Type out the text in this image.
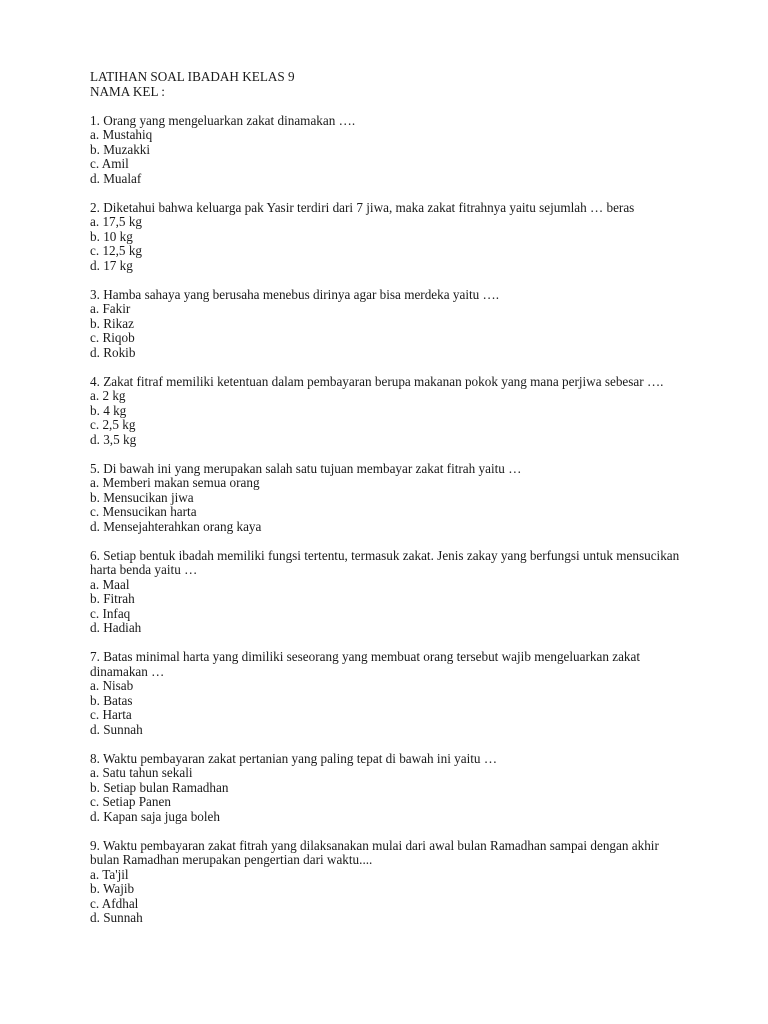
LATIHAN SOAL IBADAH KELAS 9
NAMA KEL :
1. Orang yang mengeluarkan zakat dinamakan ….
a. Mustahiq
b. Muzakki
c. Amil
d. Mualaf
2. Diketahui bahwa keluarga pak Yasir terdiri dari 7 jiwa, maka zakat fitrahnya yaitu sejumlah … beras
a. 17,5 kg
b. 10 kg
c. 12,5 kg
d. 17 kg
3. Hamba sahaya yang berusaha menebus dirinya agar bisa merdeka yaitu ….
a. Fakir
b. Rikaz
c. Riqob
d. Rokib
4. Zakat fitraf memiliki ketentuan dalam pembayaran berupa makanan pokok yang mana perjiwa sebesar ….
a. 2 kg
b. 4 kg
c. 2,5 kg
d. 3,5 kg
5. Di bawah ini yang merupakan salah satu tujuan membayar zakat fitrah yaitu …
a. Memberi makan semua orang
b. Mensucikan jiwa
c. Mensucikan harta
d. Mensejahterahkan orang kaya
6. Setiap bentuk ibadah memiliki fungsi tertentu, termasuk zakat. Jenis zakay yang berfungsi untuk mensucikan harta benda yaitu …
a. Maal
b. Fitrah
c. Infaq
d. Hadiah
7. Batas minimal harta yang dimiliki seseorang yang membuat orang tersebut wajib mengeluarkan zakat dinamakan …
a. Nisab
b. Batas
c. Harta
d. Sunnah
8. Waktu pembayaran zakat pertanian yang paling tepat di bawah ini yaitu …
a. Satu tahun sekali
b. Setiap bulan Ramadhan
c. Setiap Panen
d. Kapan saja juga boleh
9. Waktu pembayaran zakat fitrah yang dilaksanakan mulai dari awal bulan Ramadhan sampai dengan akhir bulan Ramadhan merupakan pengertian dari waktu....
a. Ta'jil
b. Wajib
c. Afdhal
d. Sunnah
